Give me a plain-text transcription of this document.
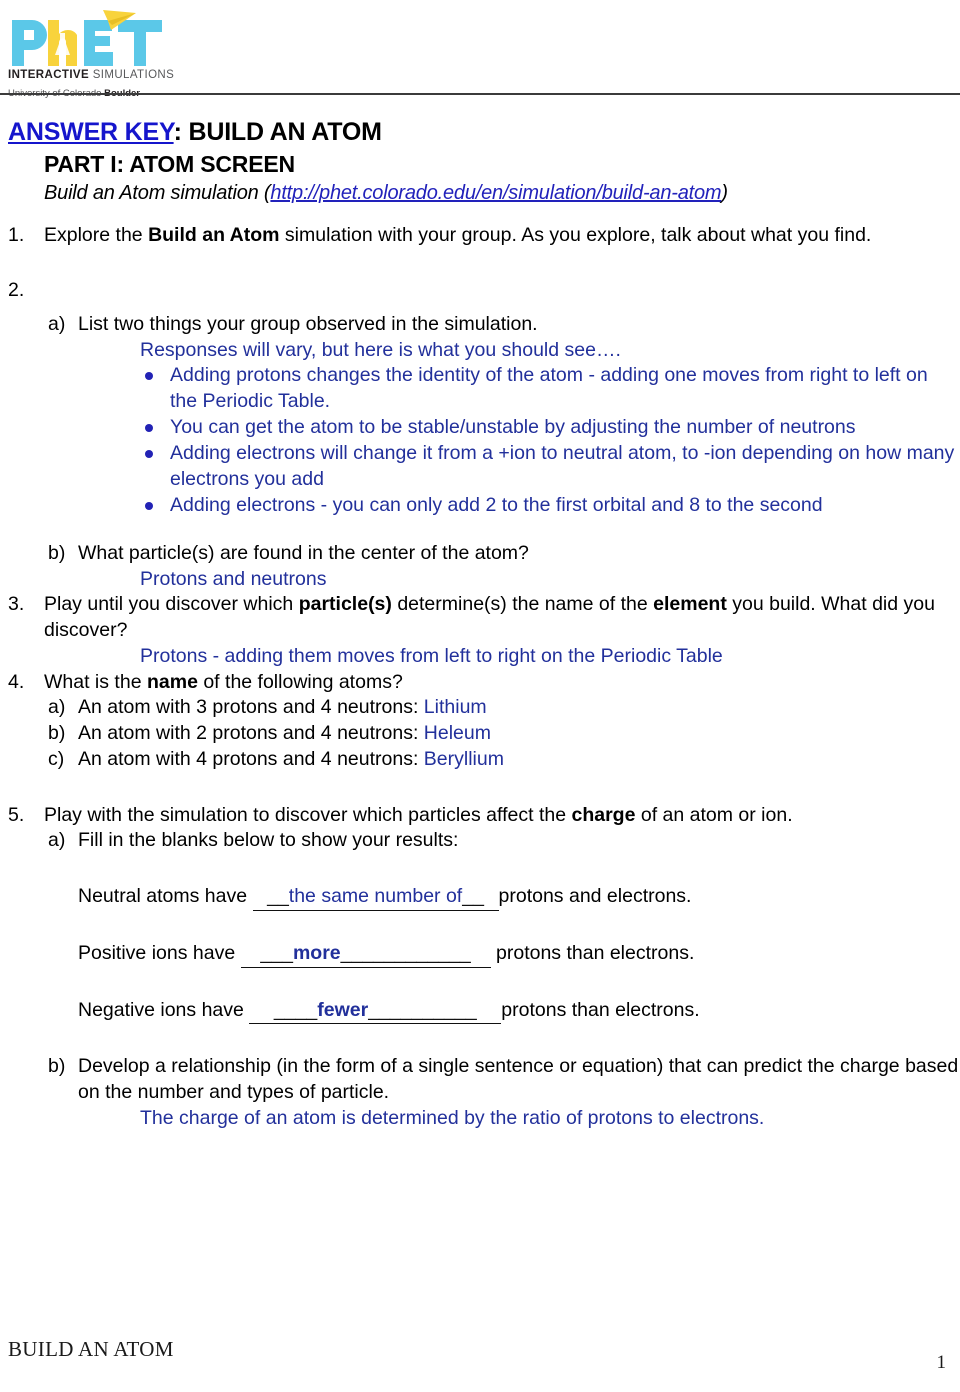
INTERACTIVE SIMULATIONS
ANSWER KEY: BUILD AN ATOM
PART I: ATOM SCREEN
Build an Atom simulation (http://phet.colorado.edu/en/simulation/build-an-atom)
1.	Explore the Build an Atom simulation with your group. As you explore, talk about what you find.
2.

a) List two things your group observed in the simulation.
Responses will vary, but here is what you should see….
Adding protons changes the identity of the atom - adding one moves from right to left on the Periodic Table.
You can get the atom to be stable/unstable by adjusting the number of neutrons
Adding electrons will change it from a +ion to neutral atom, to -ion depending on how many electrons you add
Adding electrons - you can only add 2 to the first orbital and 8 to the second
b) What particle(s) are found in the center of the atom?
Protons and neutrons
3.	Play until you discover which particle(s) determine(s) the name of the element you build. What did you discover?
Protons - adding them moves from left to right on the Periodic Table
4.	What is the name of the following atoms?
a) An atom with 3 protons and 4 neutrons: Lithium
b) An atom with 2 protons and 4 neutrons: Heleum
c) An atom with 4 protons and 4 neutrons: Beryllium
5.	Play with the simulation to discover which particles affect the charge of an atom or ion.
a) Fill in the blanks below to show your results:
Neutral atoms have __the same number of__ protons and electrons.
Positive ions have ___more____________ protons than electrons.
Negative ions have ____fewer__________ protons than electrons.
b) Develop a relationship (in the form of a single sentence or equation) that can predict the charge based on the number and types of particle.
The charge of an atom is determined by the ratio of protons to electrons.
BUILD AN ATOM
1
